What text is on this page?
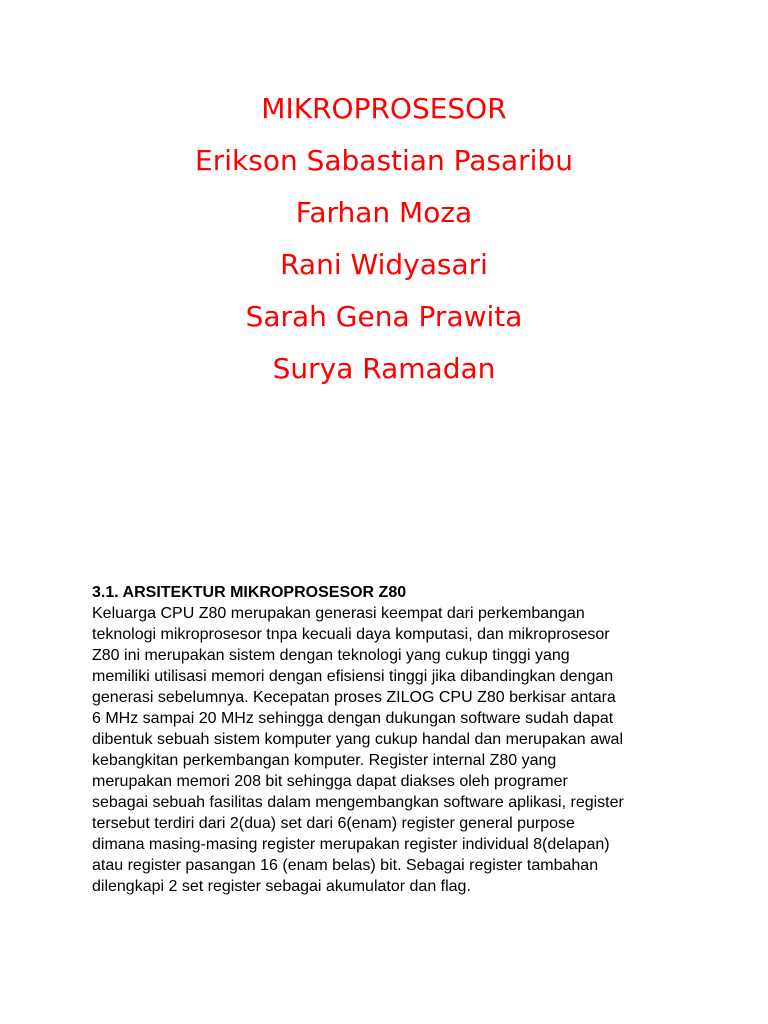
MIKROPROSESOR
Erikson Sabastian Pasaribu
Farhan Moza
Rani Widyasari
Sarah Gena Prawita
Surya Ramadan

3.1. ARSITEKTUR MIKROPROSESOR Z80

Keluarga CPU Z80 merupakan generasi keempat dari perkembangan

teknologi mikroprosesor tnpa kecuali daya komputasi, dan mikroprosesor

Z80 ini merupakan sistem dengan teknologi yang cukup tinggi yang

memiliki utilisasi memori dengan efisiensi tinggi jika dibandingkan dengan

generasi sebelumnya. Kecepatan proses ZILOG CPU Z80 berkisar antara

6 MHz sampai 20 MHz sehingga dengan dukungan software sudah dapat

dibentuk sebuah sistem komputer yang cukup handal dan merupakan awal

kebangkitan perkembangan komputer. Register internal Z80 yang

merupakan memori 208 bit sehingga dapat diakses oleh programer

sebagai sebuah fasilitas dalam mengembangkan software aplikasi, register

tersebut terdiri dari 2(dua) set dari 6(enam) register general purpose

dimana masing-masing register merupakan register individual 8(delapan)

atau register pasangan 16 (enam belas) bit. Sebagai register tambahan

dilengkapi 2 set register sebagai akumulator dan flag.
